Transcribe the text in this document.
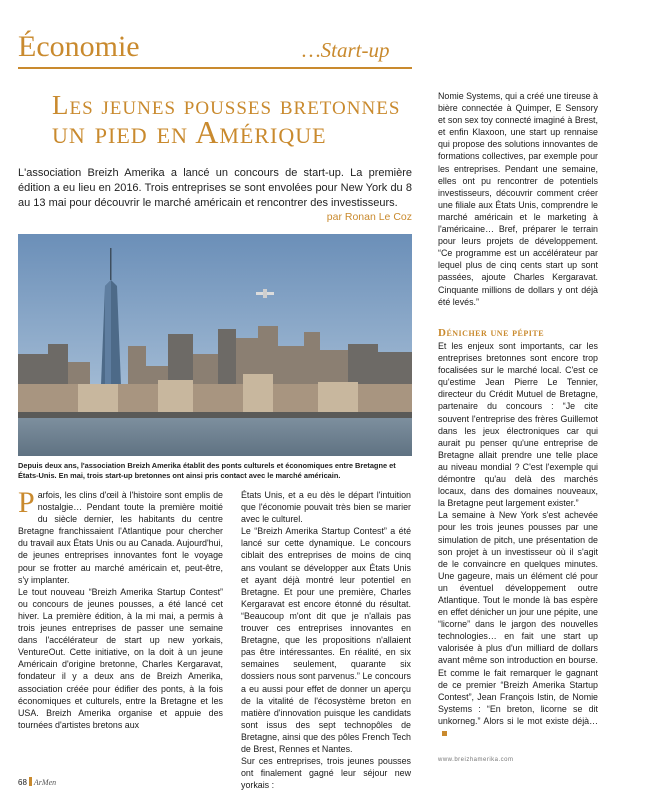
Économie	…Start-up
Les jeunes pousses bretonnes
un pied en Amérique
L'association Breizh Amerika a lancé un concours de start-up. La première édition a eu lieu en 2016. Trois entreprises se sont envolées pour New York du 8 au 13 mai pour découvrir le marché américain et rencontrer des investisseurs.
par Ronan Le Coz
Depuis deux ans, l'association Breizh Amerika établit des ponts culturels et économiques entre Bretagne et États-Unis. En mai, trois start-up bretonnes ont ainsi pris contact avec le marché américain.

Parfois, les clins d'œil à l'histoire sont emplis de nostalgie… Pendant toute la première moitié du siècle dernier, les habitants du centre Bretagne franchissaient l'Atlantique pour chercher du travail aux États Unis ou au Canada. Aujourd'hui, de jeunes entreprises innovantes font le voyage pour se frotter au marché américain et, peut-être, s'y implanter.

Le tout nouveau “Breizh Amerika Startup Contest” ou concours de jeunes pousses, a été lancé cet hiver. La première édition, à la mi mai, a permis à trois jeunes entreprises de passer une semaine dans l'accélérateur de start up new yorkais, VentureOut. Cette initiative, on la doit à un jeune Américain d'origine bretonne, Charles Kergaravat, fondateur il y a deux ans de Breizh Amerika, association créée pour édifier des ponts, à la fois économiques et culturels, entre la Bretagne et les USA. Breizh Amerika organise et appuie des tournées d'artistes bretons aux

États Unis, et a eu dès le départ l'intuition que l'économie pouvait très bien se marier avec le culturel.

Le “Breizh Amerika Startup Contest” a été lancé sur cette dynamique. Le concours ciblait des entreprises de moins de cinq ans voulant se développer aux États Unis et ayant déjà montré leur potentiel en Bretagne. Et pour une première, Charles Kergaravat est encore étonné du résultat. “Beaucoup m'ont dit que je n'allais pas trouver ces entreprises innovantes en Bretagne, que les propositions n'allaient pas être intéressantes. En réalité, en six semaines seulement, quarante six dossiers nous sont parvenus.” Le concours a eu aussi pour effet de donner un aperçu de la vitalité de l'écosystème breton en matière d'innovation puisque les candidats sont issus des sept technopôles de Bretagne, ainsi que des pôles French Tech de Brest, Rennes et Nantes.

Sur ces entreprises, trois jeunes pousses ont finalement gagné leur séjour new yorkais :

Nomie Systems, qui a créé une tireuse à bière connectée à Quimper, E Sensory et son sex toy connecté imaginé à Brest, et enfin Klaxoon, une start up rennaise qui propose des solutions innovantes de formations collectives, par exemple pour les entreprises. Pendant une semaine, elles ont pu rencontrer de potentiels investisseurs, découvrir comment créer une filiale aux États Unis, comprendre le marché américain et le marketing à l'américaine… Bref, préparer le terrain pour leurs projets de développement. “Ce programme est un accélérateur par lequel plus de cinq cents start up sont passées, ajoute Charles Kergaravat. Cinquante millions de dollars y ont déjà été levés.”

Dénicher une pépite

Et les enjeux sont importants, car les entreprises bretonnes sont encore trop focalisées sur le marché local. C'est ce qu'estime Jean Pierre Le Tennier, directeur du Crédit Mutuel de Bretagne, partenaire du concours : “Je cite souvent l'entreprise des frères Guillemot dans les jeux électroniques car qui aurait pu penser qu'une entreprise de Bretagne allait prendre une telle place au niveau mondial ? C'est l'exemple qui démontre qu'au delà des marchés locaux, dans des domaines nouveaux, la Bretagne peut largement exister.”

La semaine à New York s'est achevée pour les trois jeunes pousses par une simulation de pitch, une présentation de son projet à un investisseur où il s'agit de le convaincre en quelques minutes. Une gageure, mais un élément clé pour un éventuel développement outre Atlantique. Tout le monde là bas espère en effet dénicher un jour une pépite, une “licorne” dans le jargon des nouvelles technologies… en fait une start up valorisée à plus d'un milliard de dollars avant même son introduction en bourse. Et comme le fait remarquer le gagnant de ce premier “Breizh Amerika Startup Contest”, Jean François Istin, de Nomie Systems : “En breton, licorne se dit unkorneg.” Alors si le mot existe déjà…

www.breizhamerika.com
68 ArMen
